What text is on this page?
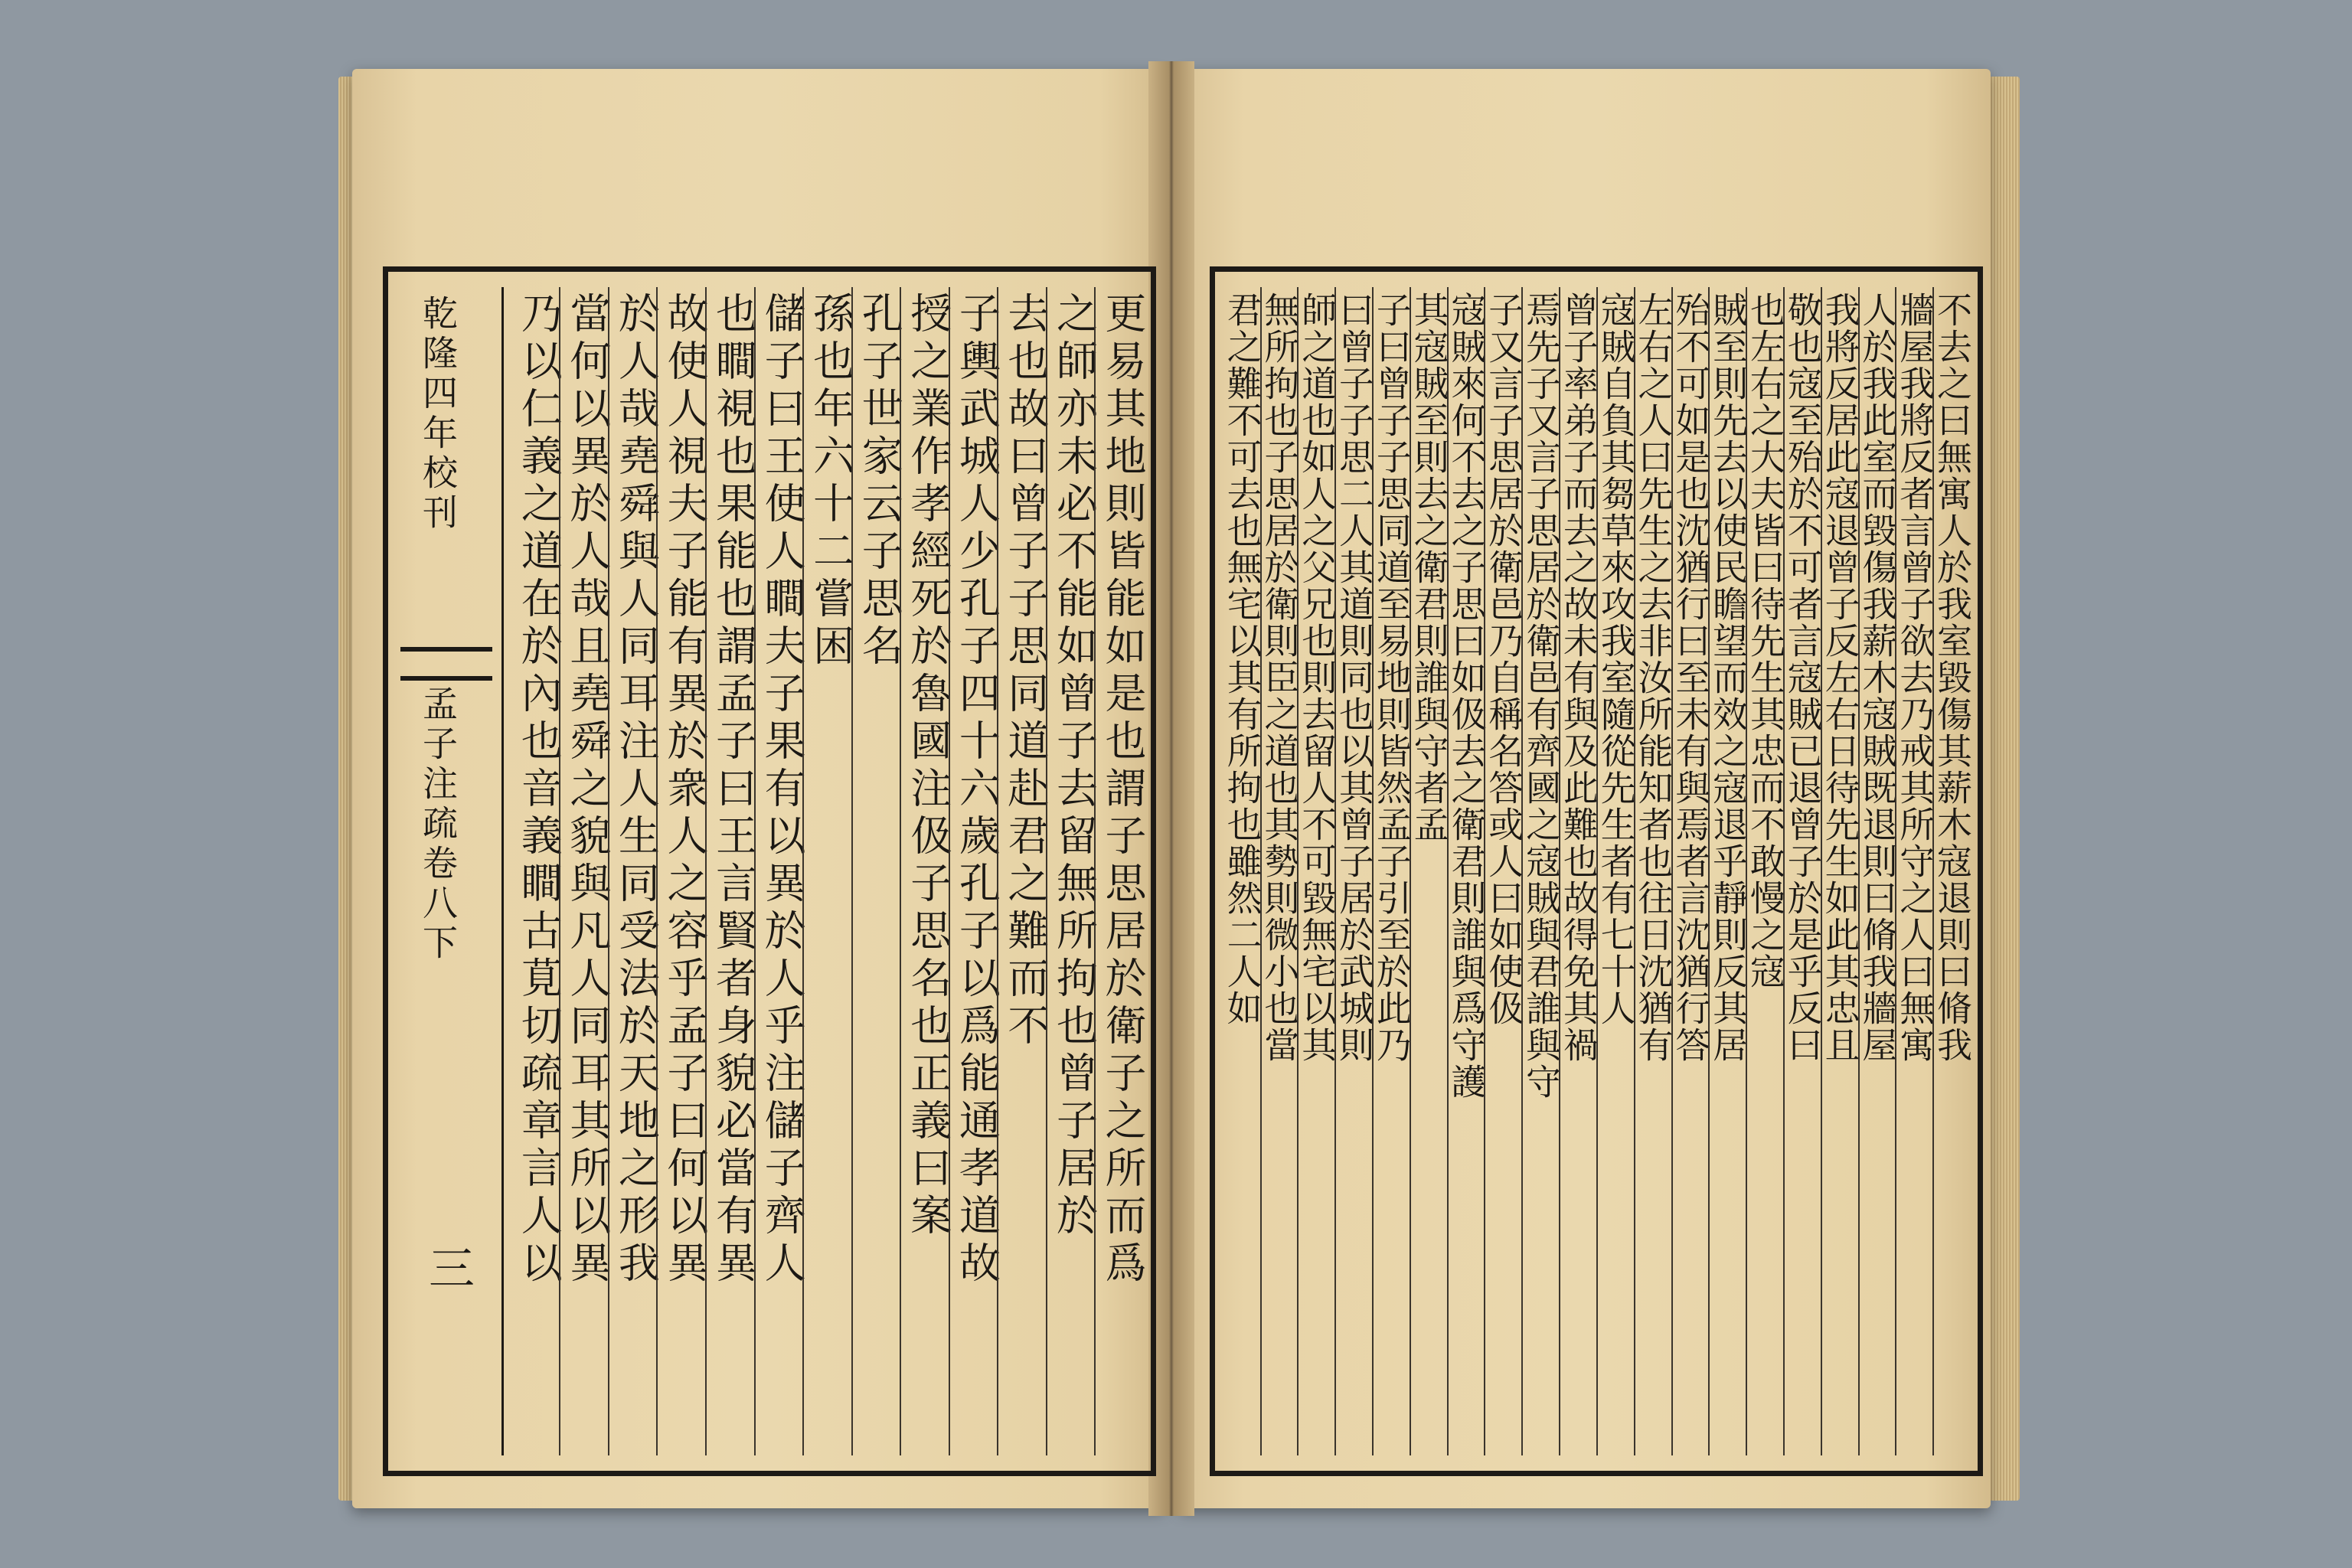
乾隆四年校刊
孟子注疏卷八下
三	更易其地則皆能如是也謂子思居於衛子之所而爲
之師亦未必不能如曾子去留無所拘也曾子居於
去也故曰曾子子思同道赴君之難而不
子輿武城人少孔子四十六歲孔子以爲能通孝道故
授之業作孝經死於魯國注伋子思名也正義曰案
孔子世家云子思名
孫也年六十二嘗困
儲子曰王使人瞷夫子果有以異於人乎注儲子齊人
也瞷視也果能也謂孟子曰王言賢者身貌必當有異
故使人視夫子能有異於衆人之容乎孟子曰何以異
於人哉堯舜與人同耳注人生同受法於天地之形我
當何以異於人哉且堯舜之貌與凡人同耳其所以異
乃以仁義之道在於內也音義瞷古莧切疏章言人以	不去之曰無寓人於我室毀傷其薪木寇退則曰脩我
牆屋我將反者言曾子欲去乃戒其所守之人曰無寓
人於我此室而毀傷我薪木寇賊既退則曰脩我牆屋
我將反居此寇退曾子反左右日待先生如此其忠且
敬也寇至殆於不可者言寇賊已退曾子於是乎反曰
也左右之大夫皆曰待先生其忠而不敢慢之寇
賊至則先去以使民瞻望而效之寇退乎靜則反其居
殆不可如是也沈猶行曰至未有與焉者言沈猶行答
左右之人曰先生之去非汝所能知者也往日沈猶有
寇賊自負其芻草來攻我室隨從先生者有七十人
曾子率弟子而去之故未有與及此難也故得免其禍
焉先子又言子思居於衛邑有齊國之寇賊與君誰與守
子又言子思居於衛邑乃自稱名答或人曰如使伋
寇賊來何不去之子思曰如伋去之衛君則誰與爲守護
其寇賊至則去之衛君則誰與守者孟
子曰曾子子思同道至易地則皆然孟子引至於此乃
曰曾子子思二人其道則同也以其曾子居於武城則
師之道也如人之父兄也則去留人不可毀無宅以其
無所拘也子思居於衛則臣之道也其勢則微小也當
君之難不可去也無宅以其有所拘也雖然二人如
